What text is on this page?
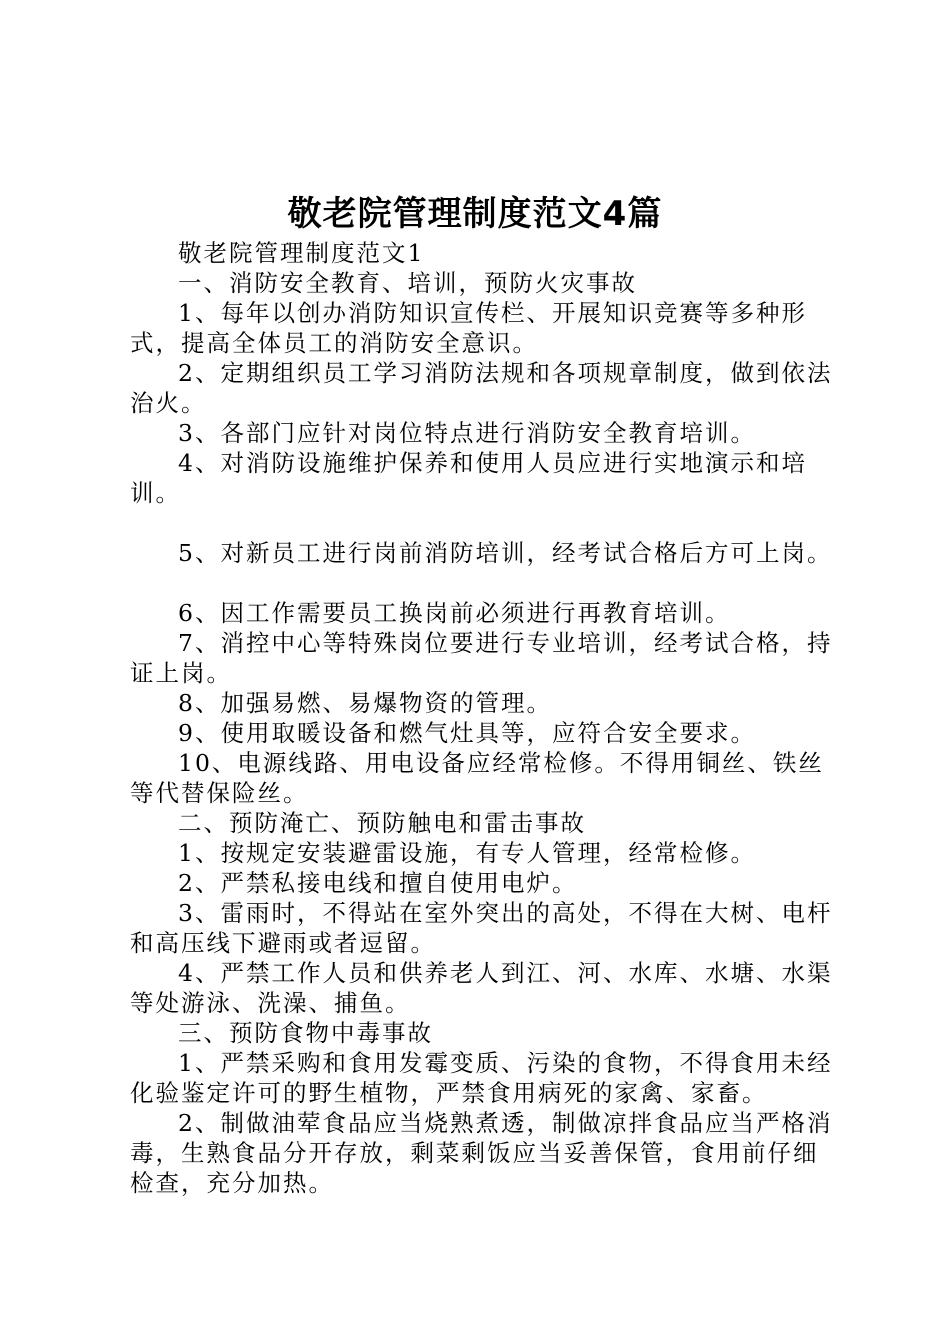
敬老院管理制度范文4篇

敬老院管理制度范文1

一、消防安全教育、培训，预防火灾事故

1、每年以创办消防知识宣传栏、开展知识竞赛等多种形式，提高全体员工的消防安全意识。

2、定期组织员工学习消防法规和各项规章制度，做到依法治火。

3、各部门应针对岗位特点进行消防安全教育培训。

4、对消防设施维护保养和使用人员应进行实地演示和培训。

5、对新员工进行岗前消防培训，经考试合格后方可上岗。

6、因工作需要员工换岗前必须进行再教育培训。

7、消控中心等特殊岗位要进行专业培训，经考试合格，持证上岗。

8、加强易燃、易爆物资的管理。

9、使用取暖设备和燃气灶具等，应符合安全要求。

10、电源线路、用电设备应经常检修。不得用铜丝、铁丝等代替保险丝。

二、预防淹亡、预防触电和雷击事故

1、按规定安装避雷设施，有专人管理，经常检修。

2、严禁私接电线和擅自使用电炉。

3、雷雨时，不得站在室外突出的高处，不得在大树、电杆和高压线下避雨或者逗留。

4、严禁工作人员和供养老人到江、河、水库、水塘、水渠等处游泳、洗澡、捕鱼。

三、预防食物中毒事故

1、严禁采购和食用发霉变质、污染的食物，不得食用未经化验鉴定许可的野生植物，严禁食用病死的家禽、家畜。

2、制做油荤食品应当烧熟煮透，制做凉拌食品应当严格消毒，生熟食品分开存放，剩菜剩饭应当妥善保管，食用前仔细检查，充分加热。
